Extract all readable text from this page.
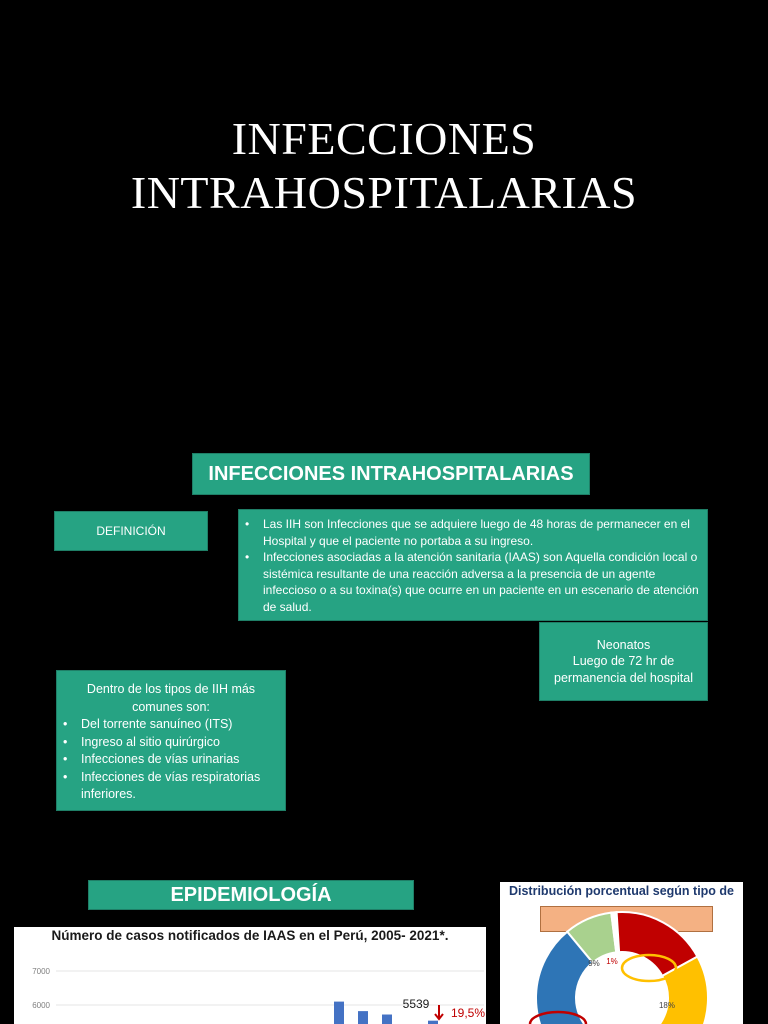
INFECCIONES
INTRAHOSPITALARIAS
INFECCIONES INTRAHOSPITALARIAS
DEFINICIÓN
•	Las IIH son Infecciones que se adquiere luego de 48 horas de permanecer en el Hospital y que el paciente no portaba a su ingreso.
• Infecciones asociadas a la atención sanitaria (IAAS) son Aquella condición local o sistémica resultante de una reacción adversa a la presencia de un agente infeccioso o a su toxina(s) que ocurre en un paciente en un escenario de atención de salud.
Neonatos
Luego de 72 hr de
permanencia del hospital
Dentro de los tipos de IIH más comunes son:
• Del torrente sanuíneo (ITS)
• Ingreso al sitio quirúrgico
• Infecciones de vías urinarias
• Infecciones de vías respiratorias inferiores.
EPIDEMIOLOGÍA
Número de casos notificados de IAAS en el Perú, 2005- 2021*.
7000
6000	5539
19,5%
Distribución porcentual según tipo de
9% 1%
18%
